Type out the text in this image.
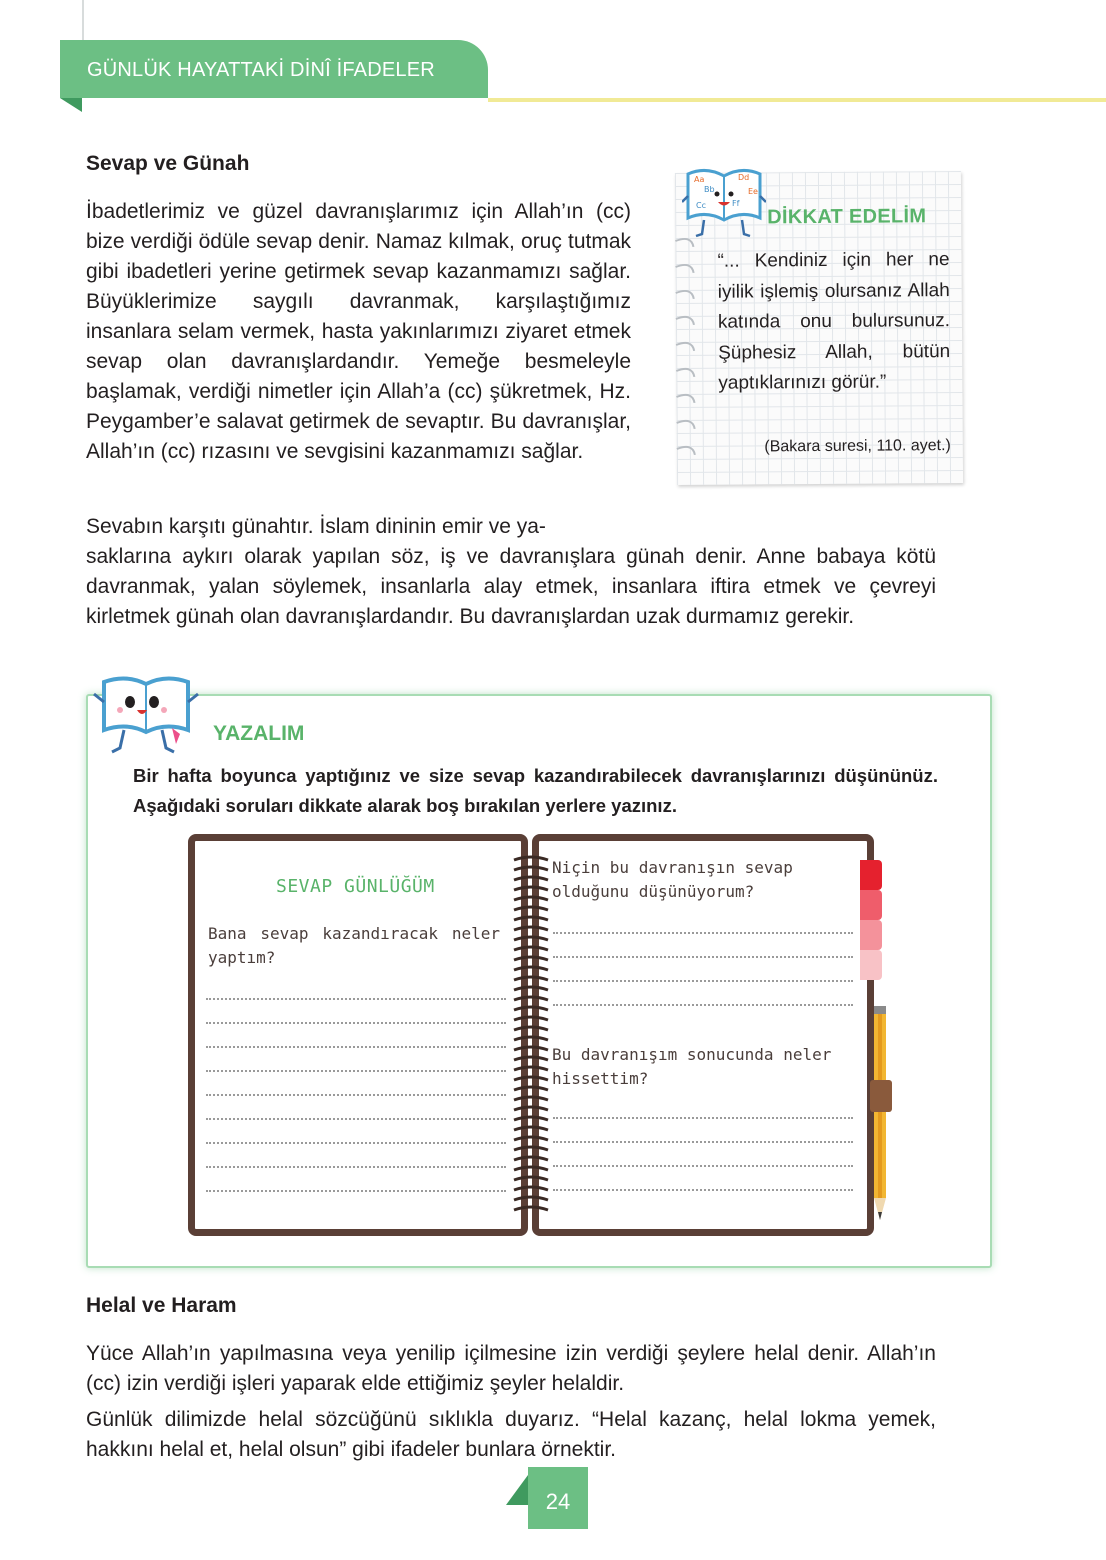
GÜNLÜK HAYATTAKİ DİNÎ İFADELER
Sevap ve Günah

İbadetlerimiz ve güzel davranışlarımız için Allah’ın (cc) bize verdiği ödüle sevap denir. Namaz kılmak, oruç tutmak gibi ibadetleri yerine getirmek sevap kazanmamızı sağlar. Büyüklerimize saygılı davranmak, karşılaştığımız insanlara selam vermek, hasta yakınlarımızı ziyaret etmek sevap olan davranışlardandır. Yemeğe besmeleyle başlamak, verdiği nimetler için Allah’a (cc) şükretmek, Hz. Peygamber’e salavat getirmek de sevaptır. Bu davranışlar, Allah’ın (cc) rızasını ve sevgisini kazanmamızı sağlar.

Sevabın karşıtı günahtır. İslam dininin emir ve ya-

saklarına aykırı olarak yapılan söz, iş ve davranışlara günah denir. Anne babaya kötü davranmak, yalan söylemek, insanlarla alay etmek, insanlara iftira etmek ve çevreyi kirletmek günah olan davranışlardandır. Bu davranışlardan uzak durmamız gerekir.

DİKKAT EDELİM

“... Kendiniz için her ne iyilik işlemiş olursanız Allah katında onu bulursunuz. Şüphesiz Allah, bütün yaptıklarınızı görür.”

(Bakara suresi, 110. ayet.)
Aa
Bb
Dd
Ee
Cc	Ff
YAZALIM

Bir hafta boyunca yaptığınız ve size sevap kazandırabilecek davranışlarınızı düşününüz. Aşağıdaki soruları dikkate alarak boş bırakılan yerlere yazınız.

SEVAP GÜNLÜĞÜM

Bana sevap kazandıracak neler yaptım?

Niçin bu davranışın sevap olduğunu düşünüyorum?

Bu davranışım sonucunda neler hissettim?

Helal ve Haram

Yüce Allah’ın yapılmasına veya yenilip içilmesine izin verdiği şeylere helal denir. Allah’ın (cc) izin verdiği işleri yaparak elde ettiğimiz şeyler helaldir.

Günlük dilimizde helal sözcüğünü sıklıkla duyarız. “Helal kazanç, helal lokma yemek, hakkını helal et, helal olsun” gibi ifadeler bunlara örnektir.

24
